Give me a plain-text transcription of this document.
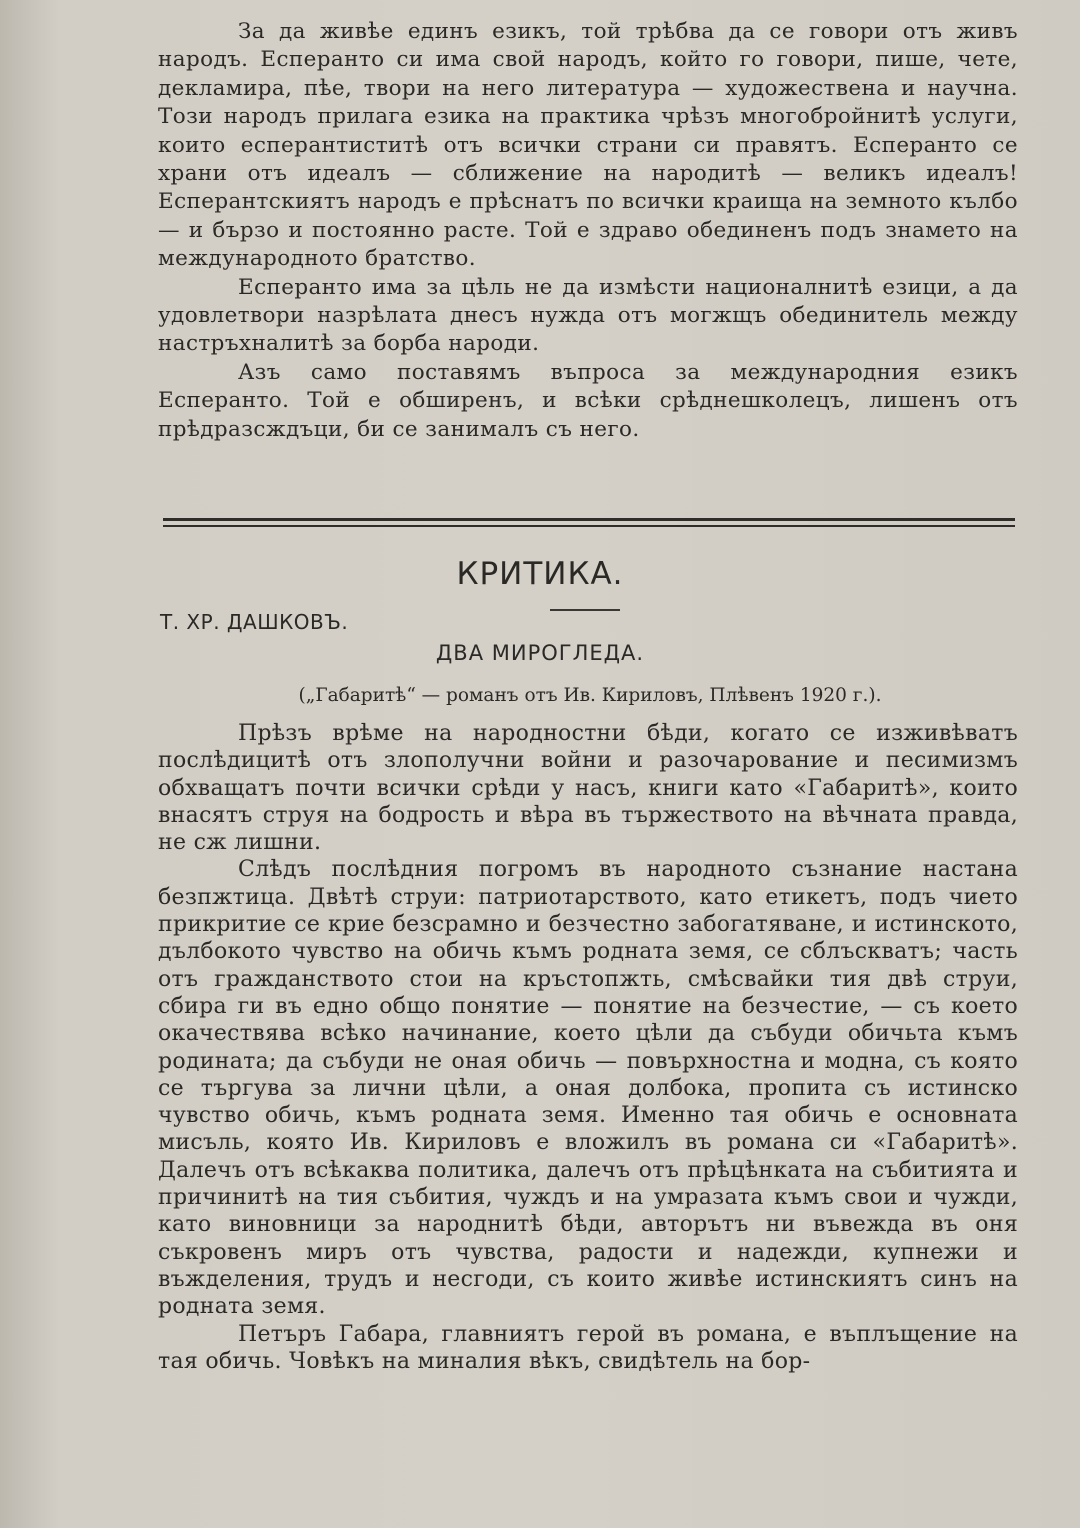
За да живѣе единъ езикъ, той трѣбва да се говори отъ живъ народъ. Есперанто си има свой народъ, който го говори, пише, чете, декламира, пѣе, твори на него литература — художествена и научна. Този народъ прилага езика на практика чрѣзъ многобройнитѣ услуги, които есперантиститѣ отъ всички страни си правятъ. Есперанто се храни отъ идеалъ — сближение на народитѣ — великъ идеалъ! Есперантскиятъ народъ е прѣснатъ по всички краища на земното кълбо — и бързо и постоянно расте. Той е здраво обединенъ подъ знамето на международното братство.

Есперанто има за цѣль не да измѣсти националнитѣ езици, а да удовлетвори назрѣлата днесъ нужда отъ могжщъ обединитель между настръхналитѣ за борба народи.

Азъ само поставямъ въпроса за международния езикъ Есперанто. Той е обширенъ, и всѣки срѣднешколецъ, лишенъ отъ прѣдразсждъци, би се занималъ съ него.

КРИТИКА.
Т. ХР. ДАШКОВЪ.
ДВА МИРОГЛЕДА.
(„Габаритѣ“ — романъ отъ Ив. Кириловъ, Плѣвенъ 1920 г.).

Прѣзъ врѣме на народностни бѣди, когато се изживѣватъ послѣдицитѣ отъ злополучни войни и разочарование и песимизмъ обхващатъ почти всички срѣди у насъ, книги като «Габаритѣ», които внасятъ струя на бодрость и вѣра въ тържеството на вѣчната правда, не сж лишни.

Слѣдъ послѣдния погромъ въ народното съзнание настана безпжтица. Двѣтѣ струи: патриотарството, като етикетъ, подъ чието прикритие се крие безсрамно и безчестно забогатяване, и истинското, дълбокото чувство на обичь къмъ родната земя, се сблъскватъ; часть отъ гражданството стои на кръстопжть, смѣсвайки тия двѣ струи, сбира ги въ едно общо понятие — понятие на безчестие, — съ което окачествява всѣко начинание, което цѣли да събуди обичьта къмъ родината; да събуди не оная обичь — повърхностна и модна, съ която се търгува за лични цѣли, а оная долбока, пропита съ истинско чувство обичь, къмъ родната земя. Именно тая обичь е основната мисъль, която Ив. Кириловъ е вложилъ въ романа си «Габаритѣ». Далечъ отъ всѣкаква политика, далечъ отъ прѣцѣнката на събитията и причинитѣ на тия събития, чуждъ и на умразата къмъ свои и чужди, като виновници за народнитѣ бѣди, авторътъ ни въвежда въ оня съкровенъ миръ отъ чувства, радости и надежди, купнежи и въжделения, трудъ и несгоди, съ които живѣе истинскиятъ синъ на родната земя.

Петъръ Габара, главниятъ герой въ романа, е въплъщение на тая обичь. Човѣкъ на миналия вѣкъ, свидѣтель на бор-
